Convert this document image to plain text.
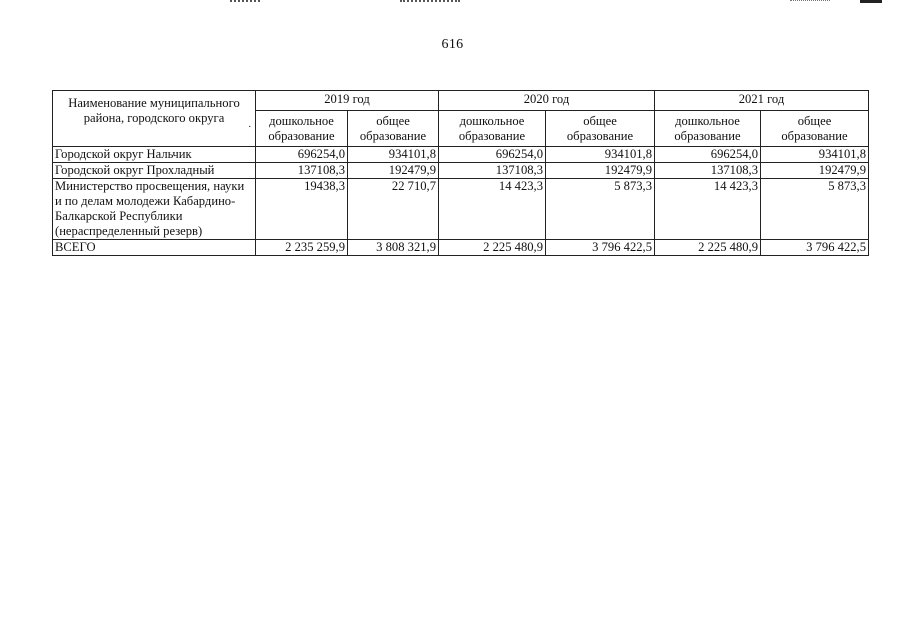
616
Наименование муниципального района, городского округа .	2019 год		2020 год		2021 год	
	дошкольное образование	общее образование	дошкольное образование	общее образование	дошкольное образование	общее образование
Городской округ Нальчик	696254,0	934101,8	696254,0	934101,8	696254,0	934101,8
Городской округ Прохладный	137108,3	192479,9	137108,3	192479,9	137108,3	192479,9
Министерство просвещения, науки и по делам молодежи Кабардино-Балкарской Республики (нераспределенный резерв)	19438,3	22 710,7	14 423,3	5 873,3	14 423,3	5 873,3
ВСЕГО	2 235 259,9	3 808 321,9	2 225 480,9	3 796 422,5	2 225 480,9	3 796 422,5
